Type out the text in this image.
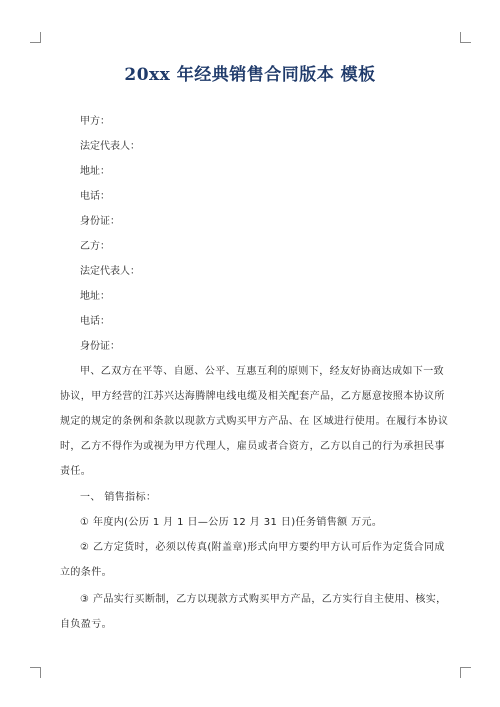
20xx 年经典销售合同版本 模板
甲方：
法定代表人：
地址：
电话：
身份证：
乙方：
法定代表人：
地址：
电话：
身份证：
甲、乙双方在平等、自愿、公平、互惠互利的原则下，经友好协商达成如下一致
协议，甲方经营的江苏兴达海腾牌电线电缆及相关配套产品，乙方愿意按照本协议所
规定的规定的条例和条款以现款方式购买甲方产品、在 区域进行使用。在履行本协议
时，乙方不得作为或视为甲方代理人，雇员或者合资方，乙方以自己的行为承担民事
责任。
一、 销售指标：
① 年度内(公历 1 月 1 日—公历 12 月 31 日)任务销售额 万元。
② 乙方定货时，必须以传真(附盖章)形式向甲方要约甲方认可后作为定货合同成
立的条件。
③ 产品实行买断制，乙方以现款方式购买甲方产品，乙方实行自主使用、核实，
自负盈亏。
